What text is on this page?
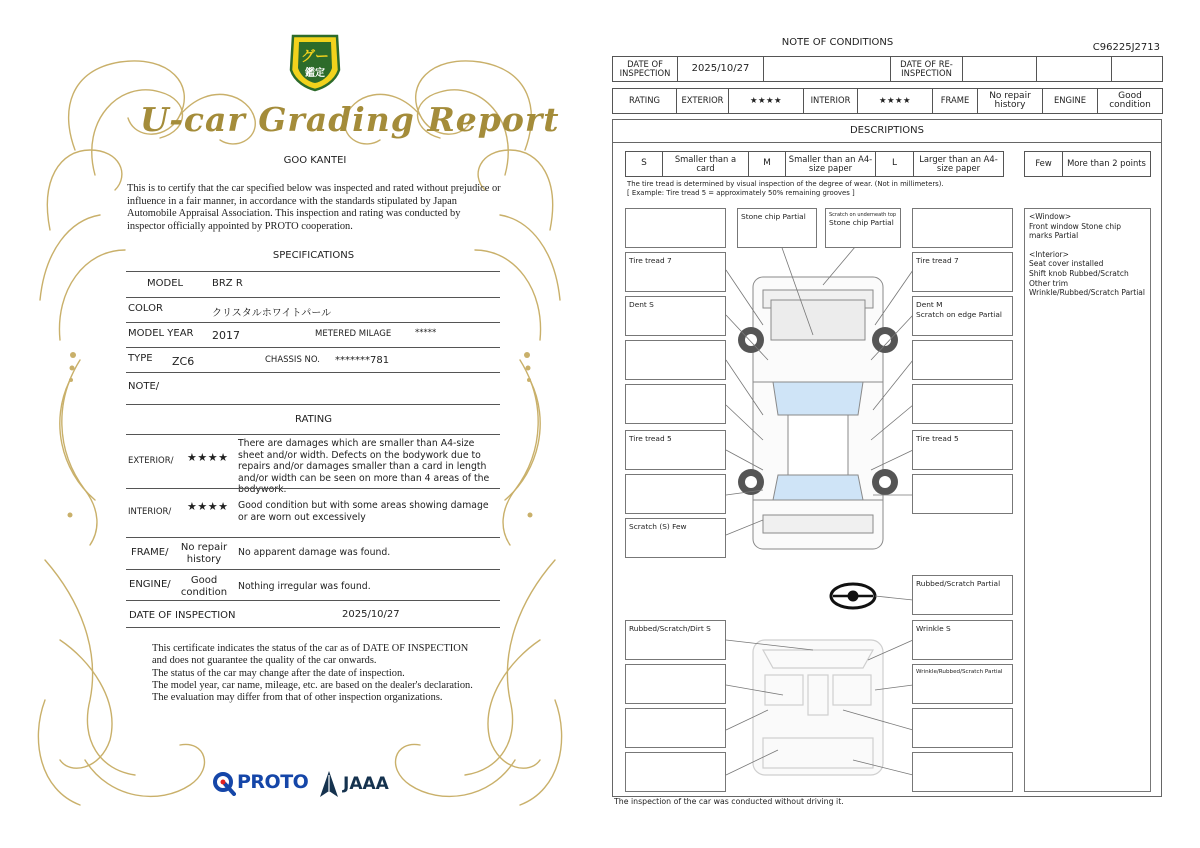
グー
鑑定
U-car Grading Report
GOO KANTEI
This is to certify that the car specified below was inspected and rated without prejudice or influence in a fair manner, in accordance with the standards stipulated by Japan Automobile Appraisal Association. This inspection and rating was conducted by inspector officially appointed by PROTO cooperation.
SPECIFICATIONS
MODEL	BRZ R
COLOR	クリスタルホワイトパール
MODEL YEAR 2017	METERED MILAGE	*****
TYPE ZC6	CHASSIS NO. *******781
NOTE/
RATING
EXTERIOR/ ★★★★
There are damages which are smaller than A4-size sheet and/or width. Defects on the bodywork due to repairs and/or damages smaller than a card in length and/or width can be seen on more than 4 areas of the bodywork.
INTERIOR/ ★★★★ Good condition but with some areas showing damage or are worn out excessively
FRAME/	No repair history
No apparent damage was found.
ENGINE/	Good condition	Nothing irregular was found.
DATE OF INSPECTION	2025/10/27
This certificate indicates the status of the car as of DATE OF INSPECTION and does not guarantee the quality of the car onwards.
The status of the car may change after the date of inspection.
The model year, car name, mileage, etc. are based on the dealer's declaration.
The evaluation may differ from that of other inspection organizations.
PROTO JAAA
NOTE OF CONDITIONS	C96225J2713
DATE OF INSPECTION	2025/10/27		DATE OF RE-INSPECTION			
RATING	EXTERIOR	★★★★	INTERIOR	★★★★	FRAME	No repair history	ENGINE	Good condition
DESCRIPTIONS
S	Smaller than a card	M	Smaller than an A4-size paper	L	Larger than an A4-size paper	Few	More than 2 points
The tire tread is determined by visual inspection of the degree of wear. (Not in millimeters).
[ Example: Tire tread 5 = approximately 50% remaining grooves ]
Tire tread 7
Dent S
Tire tread 5
Scratch (S) Few
Rubbed/Scratch/Dirt S
Stone chip Partial	Scratch on underneath top
Stone chip Partial
Tire tread 7
Dent M
Scratch on edge Partial
Tire tread 5
Rubbed/Scratch Partial
Wrinkle S
Wrinkle/Rubbed/Scratch Partial
<Window>
Front window Stone chip marks Partial
<Interior>
Seat cover installed
Shift knob Rubbed/Scratch
Other trim
Wrinkle/Rubbed/Scratch Partial
The inspection of the car was conducted without driving it.
